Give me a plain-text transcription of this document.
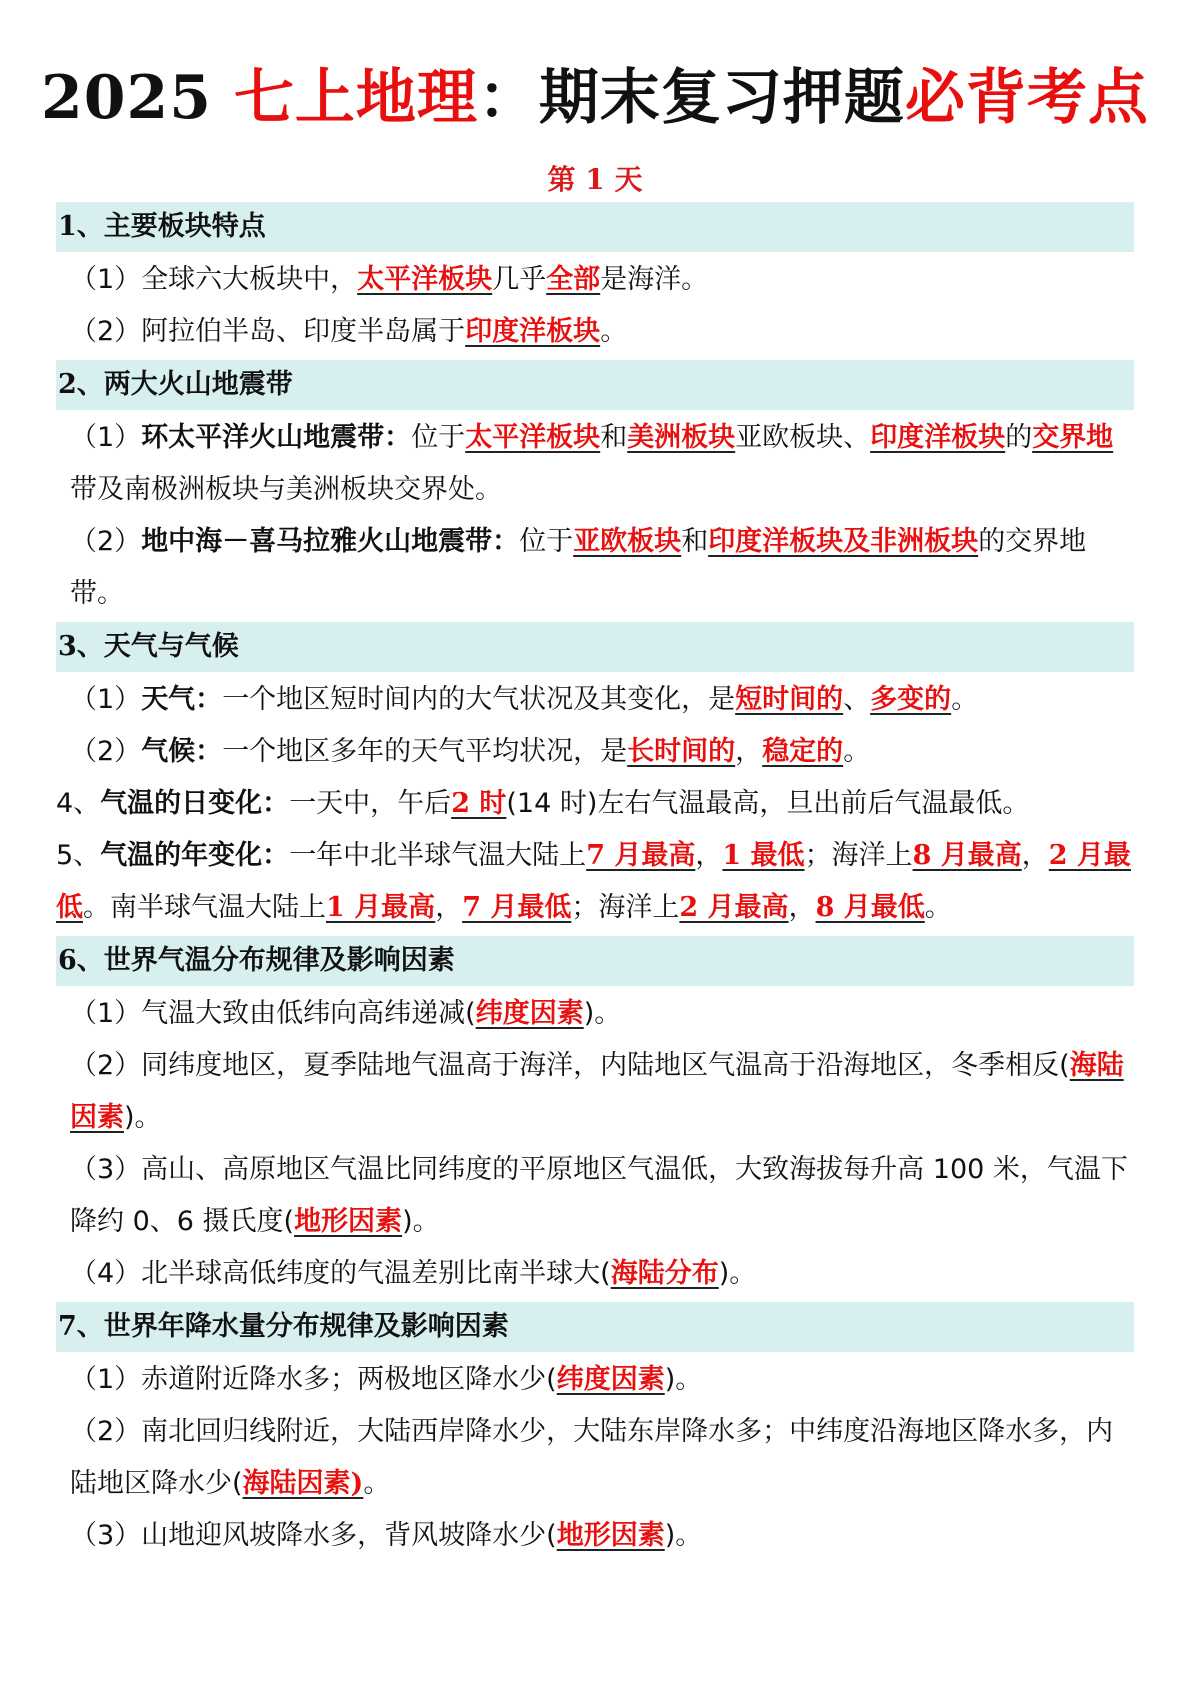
2025 七上地理：期末复习押题必背考点
第 1 天
1、主要板块特点
（1）全球六大板块中，太平洋板块几乎全部是海洋。
（2）阿拉伯半岛、印度半岛属于印度洋板块。
2、两大火山地震带
（1）环太平洋火山地震带：位于太平洋板块和美洲板块亚欧板块、印度洋板块的交界地带及南极洲板块与美洲板块交界处。
（2）地中海－喜马拉雅火山地震带：位于亚欧板块和印度洋板块及非洲板块的交界地带。
3、天气与气候
（1）天气：一个地区短时间内的大气状况及其变化，是短时间的、多变的。
（2）气候：一个地区多年的天气平均状况，是长时间的，稳定的。
4、气温的日变化：一天中，午后2 时(14 时)左右气温最高，旦出前后气温最低。
5、气温的年变化：一年中北半球气温大陆上7 月最高，1 最低；海洋上8 月最高，2 月最低。南半球气温大陆上1 月最高，7 月最低；海洋上2 月最高，8 月最低。
6、世界气温分布规律及影响因素
（1）气温大致由低纬向高纬递减(纬度因素)。
（2）同纬度地区，夏季陆地气温高于海洋，内陆地区气温高于沿海地区，冬季相反(海陆因素)。
（3）高山、高原地区气温比同纬度的平原地区气温低，大致海拔每升高 100 米，气温下降约 0、6 摄氏度(地形因素)。
（4）北半球高低纬度的气温差别比南半球大(海陆分布)。
7、世界年降水量分布规律及影响因素
（1）赤道附近降水多；两极地区降水少(纬度因素)。
（2）南北回归线附近，大陆西岸降水少，大陆东岸降水多；中纬度沿海地区降水多，内陆地区降水少(海陆因素)。
（3）山地迎风坡降水多，背风坡降水少(地形因素)。
